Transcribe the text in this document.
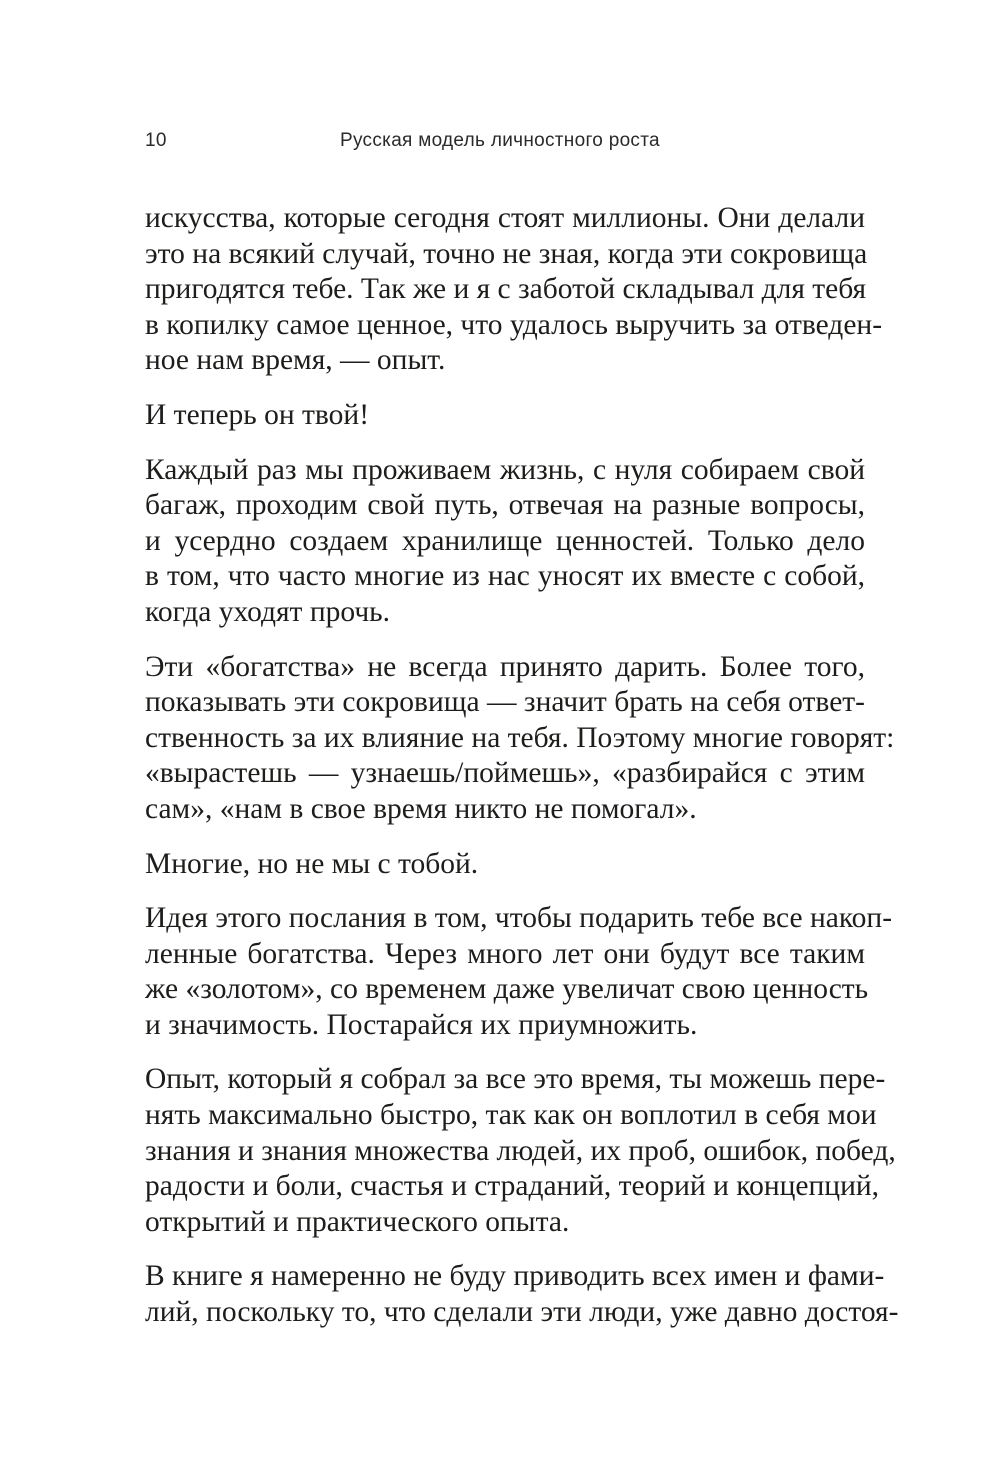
10	Русская модель личностного роста
искусства, которые сегодня стоят миллионы. Они делали
это на всякий случай, точно не зная, когда эти сокровища
пригодятся тебе. Так же и я с заботой складывал для тебя
в копилку самое ценное, что удалось выручить за отведен-
ное нам время, — опыт.
И теперь он твой!
Каждый раз мы проживаем жизнь, с нуля собираем свой
багаж, проходим свой путь, отвечая на разные вопросы,
и усердно создаем хранилище ценностей. Только дело
в том, что часто многие из нас уносят их вместе с собой,
когда уходят прочь.
Эти «богатства» не всегда принято дарить. Более того,
показывать эти сокровища — значит брать на себя ответ-
ственность за их влияние на тебя. Поэтому многие говорят:
«вырастешь — узнаешь/поймешь», «разбирайся с этим
сам», «нам в свое время никто не помогал».
Многие, но не мы с тобой.
Идея этого послания в том, чтобы подарить тебе все накоп-
ленные богатства. Через много лет они будут все таким
же «золотом», со временем даже увеличат свою ценность
и значимость. Постарайся их приумножить.
Опыт, который я собрал за все это время, ты можешь пере-
нять максимально быстро, так как он воплотил в себя мои
знания и знания множества людей, их проб, ошибок, побед,
радости и боли, счастья и страданий, теорий и концепций,
открытий и практического опыта.
В книге я намеренно не буду приводить всех имен и фами-
лий, поскольку то, что сделали эти люди, уже давно достоя-
